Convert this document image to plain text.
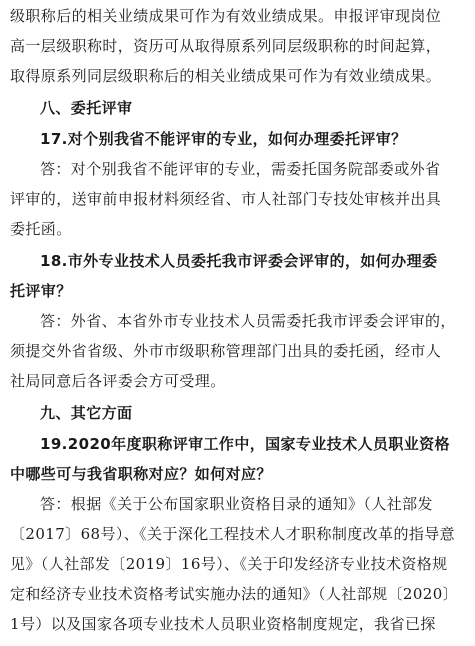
级职称后的相关业绩成果可作为有效业绩成果。申报评审现岗位
高一层级职称时，资历可从取得原系列同层级职称的时间起算，
取得原系列同层级职称后的相关业绩成果可作为有效业绩成果。
八、委托评审
17.对个别我省不能评审的专业，如何办理委托评审？
答：对个别我省不能评审的专业，需委托国务院部委或外省
评审的，送审前申报材料须经省、市人社部门专技处审核并出具
委托函。
18.市外专业技术人员委托我市评委会评审的，如何办理委
托评审？
答：外省、本省外市专业技术人员需委托我市评委会评审的，
须提交外省省级、外市市级职称管理部门出具的委托函，经市人
社局同意后各评委会方可受理。
九、其它方面
19.2020年度职称评审工作中，国家专业技术人员职业资格
中哪些可与我省职称对应？如何对应？
答：根据《关于公布国家职业资格目录的通知》（人社部发
〔2017〕68号）、《关于深化工程技术人才职称制度改革的指导意
见》（人社部发〔2019〕16号）、《关于印发经济专业技术资格规
定和经济专业技术资格考试实施办法的通知》（人社部规〔2020〕
1号）以及国家各项专业技术人员职业资格制度规定，我省已探
